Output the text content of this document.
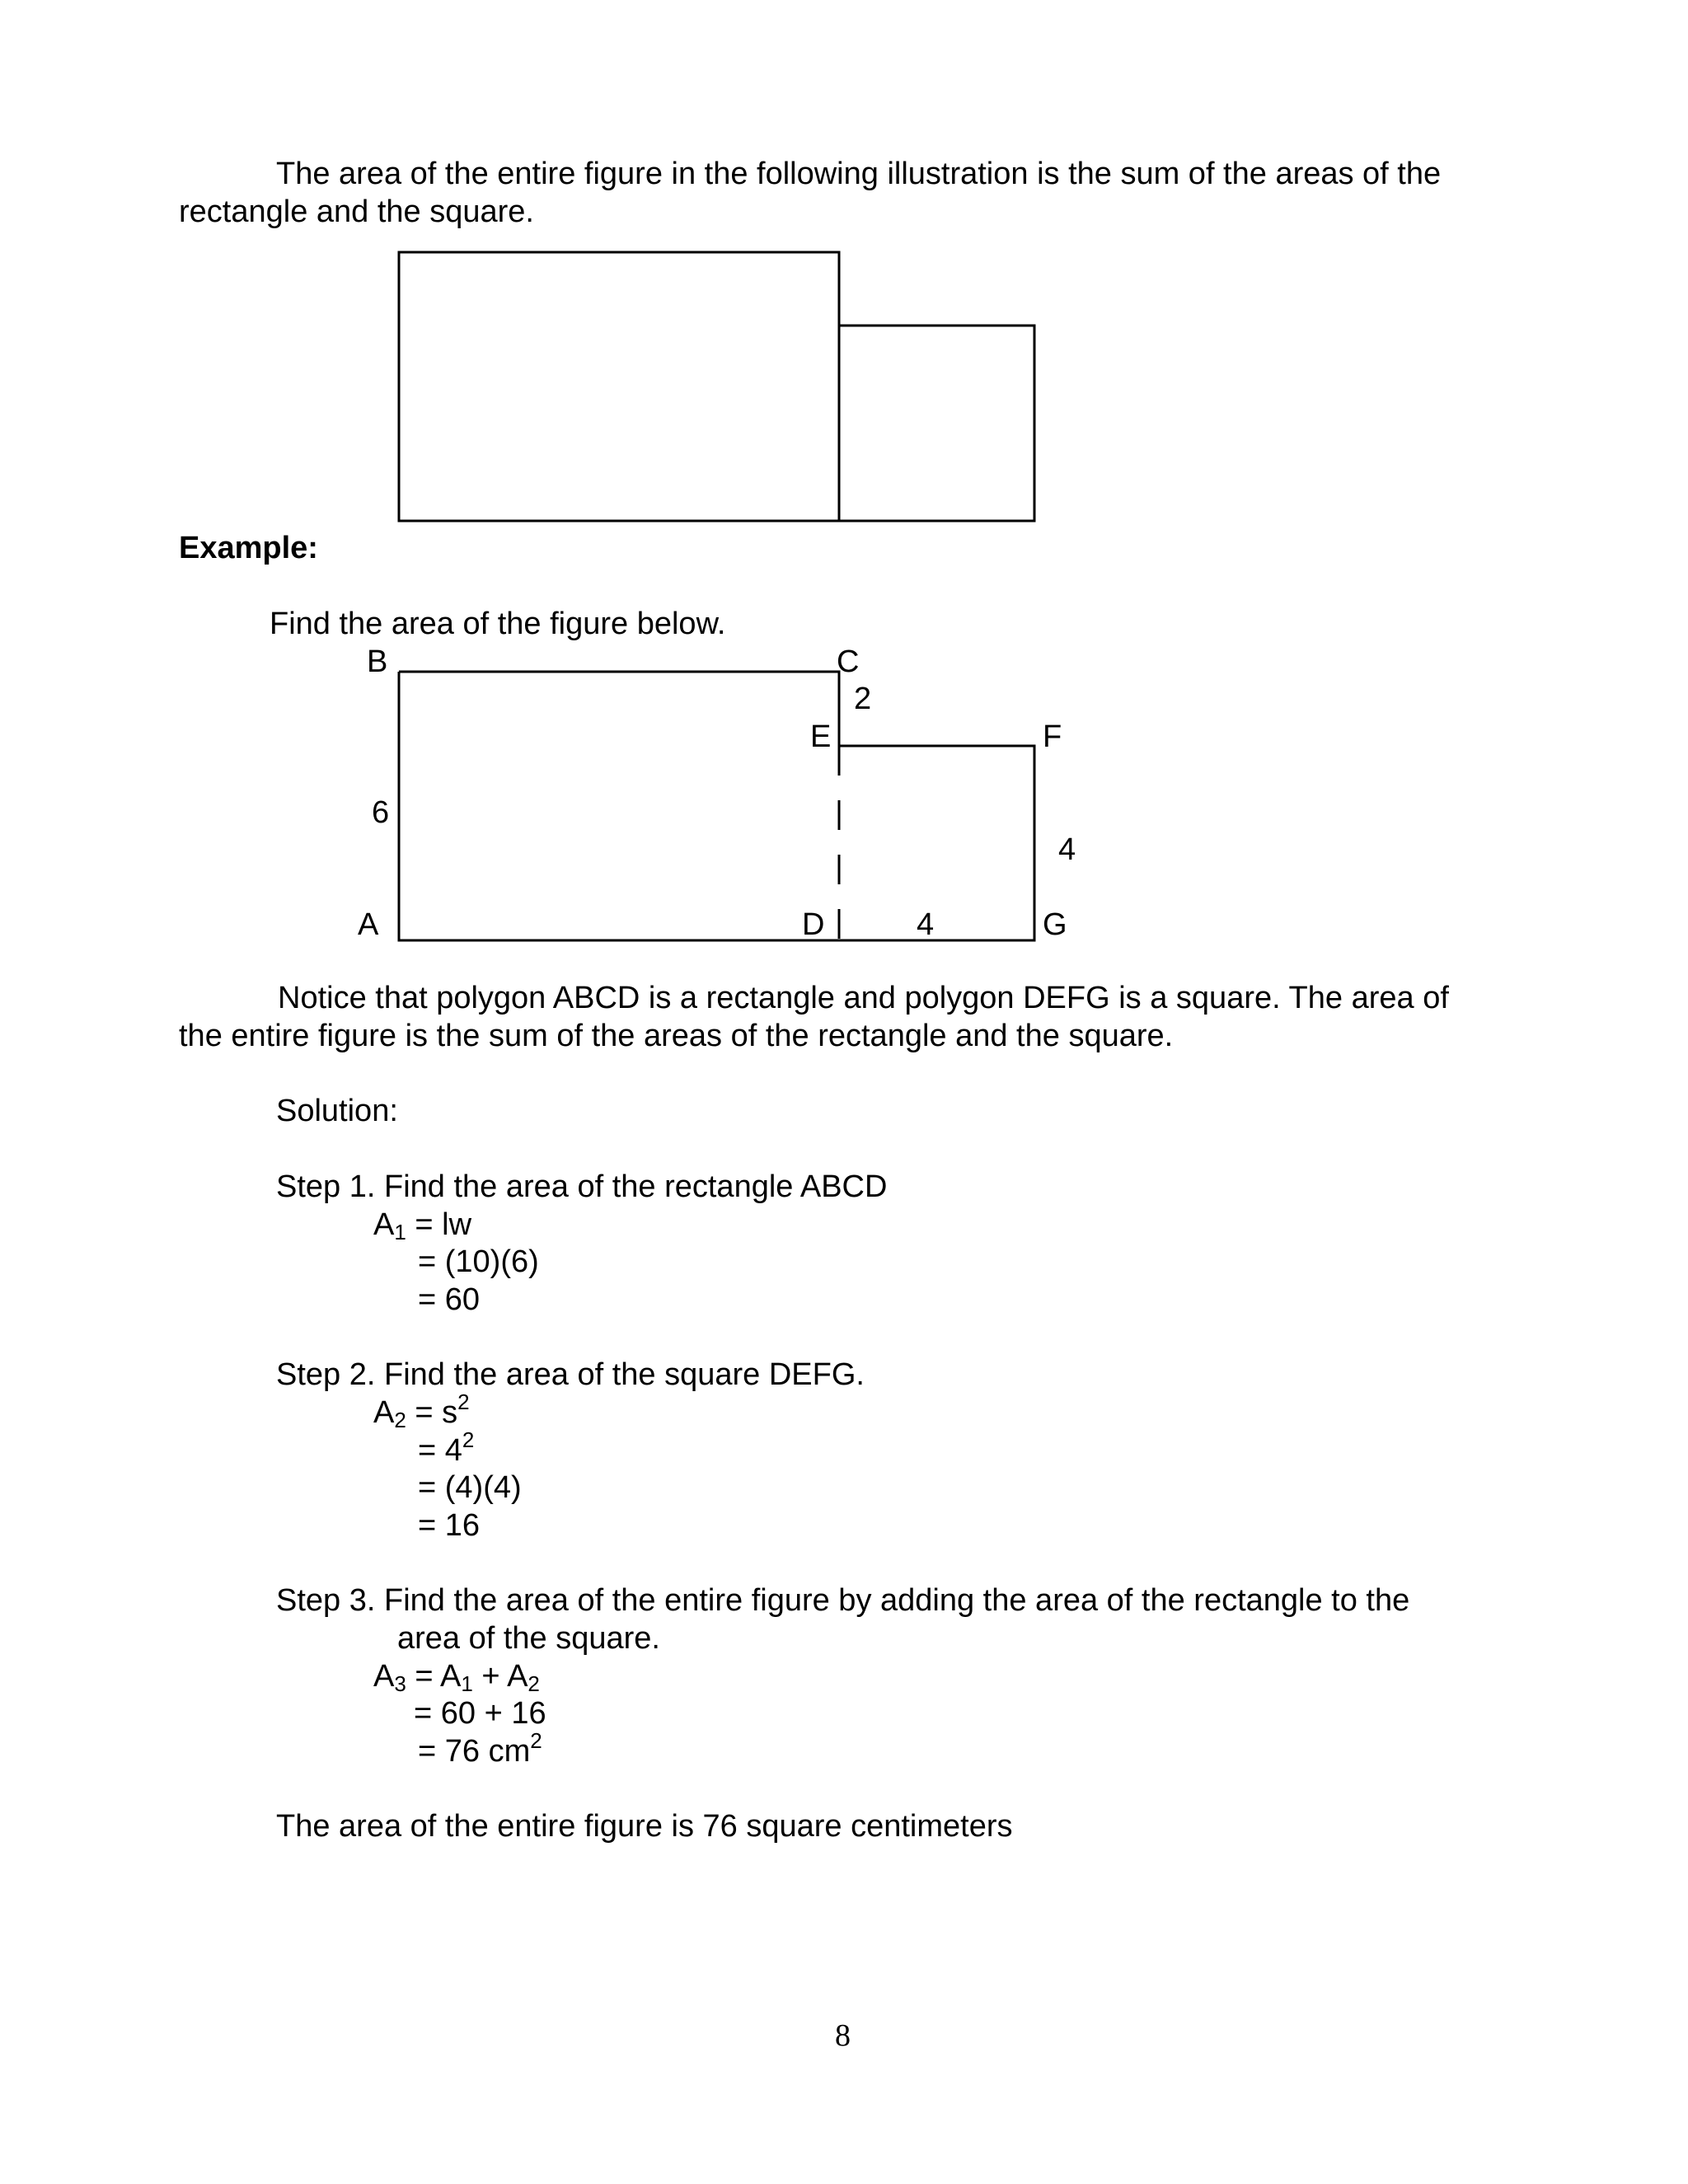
The area of the entire figure in the following illustration is the sum of the areas of the
rectangle and the square.
B	C
2
E	F
6
4
A	D	4	G
Example:
Find the area of the figure below.
Notice that polygon ABCD is a rectangle and polygon DEFG is a square. The area of
the entire figure is the sum of the areas of the rectangle and the square.
Solution:
Step 1. Find the area of the rectangle ABCD
$A_1$ = lw
= (10)(6)
= 60
Step 2. Find the area of the square DEFG.
$A_2 = s^2$
= $4^2$
= (4)(4)
= 16
Step 3. Find the area of the entire figure by adding the area of the rectangle to the
area of the square.
$A_3 = A_1 + A_2$
= 60 + 16
= 76 $cm^2$
The area of the entire figure is 76 square centimeters
8
